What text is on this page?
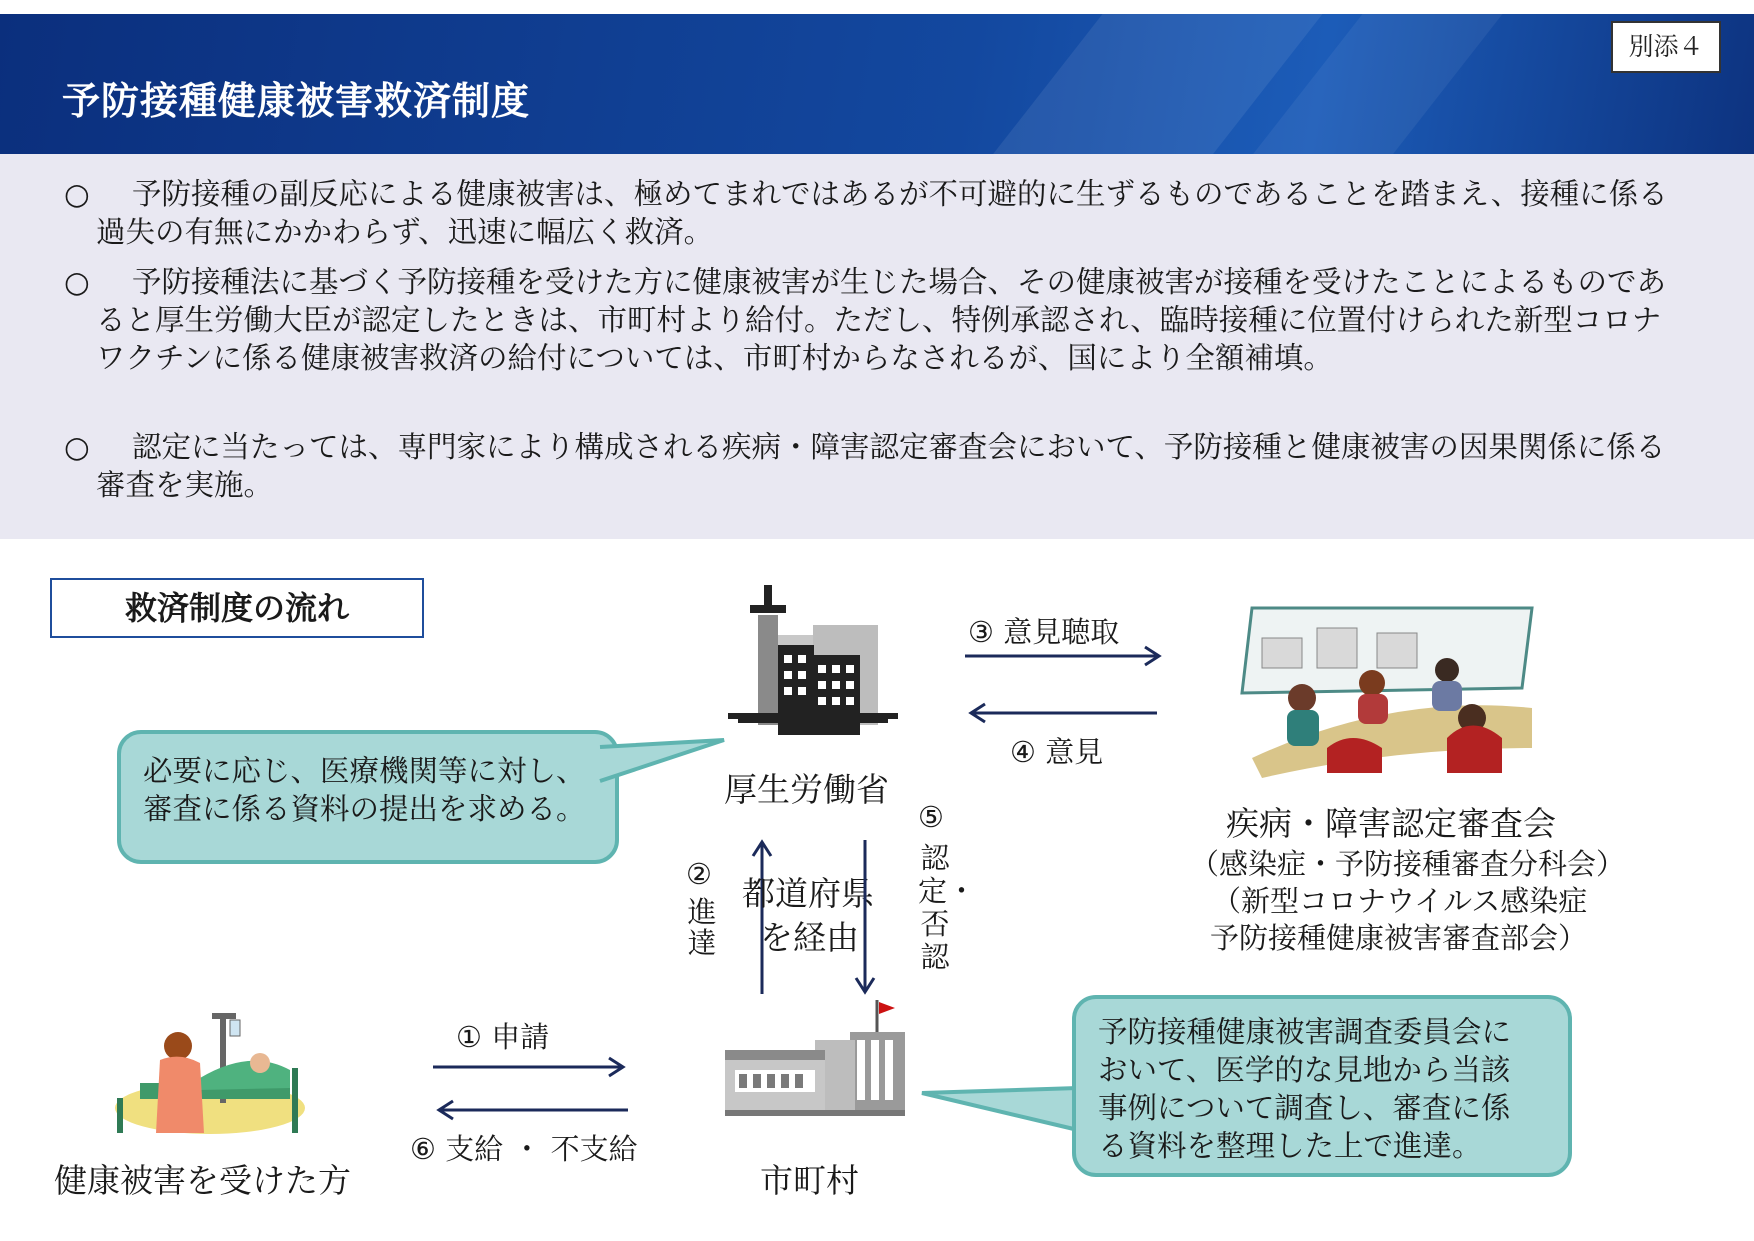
予防接種健康被害救済制度
別添４
○	予防接種の副反応による健康被害は、極めてまれではあるが不可避的に生ずるものであることを踏まえ、接種に係る過失の有無にかかわらず、迅速に幅広く救済。
○	予防接種法に基づく予防接種を受けた方に健康被害が生じた場合、その健康被害が接種を受けたことによるものであると厚生労働大臣が認定したときは、市町村より給付。ただし、特例承認され、臨時接種に位置付けられた新型コロナワクチンに係る健康被害救済の給付については、市町村からなされるが、国により全額補填。
○	認定に当たっては、専門家により構成される疾病・障害認定審査会において、予防接種と健康被害の因果関係に係る審査を実施。
救済制度の流れ
厚生労働省
疾病・障害認定審査会
（感染症・予防接種審査分科会）
（新型コロナウイルス感染症
予防接種健康被害審査部会）
③ 意見聴取
④ 意見
必要に応じ、医療機関等に対し、
審査に係る資料の提出を求める。
②
進達
都道府県
を経由
⑤
認定・否認
市町村
健康被害を受けた方
① 申請
⑥ 支給 ・ 不支給
予防接種健康被害調査委員会に
おいて、医学的な見地から当該
事例について調査し、審査に係
る資料を整理した上で進達。
